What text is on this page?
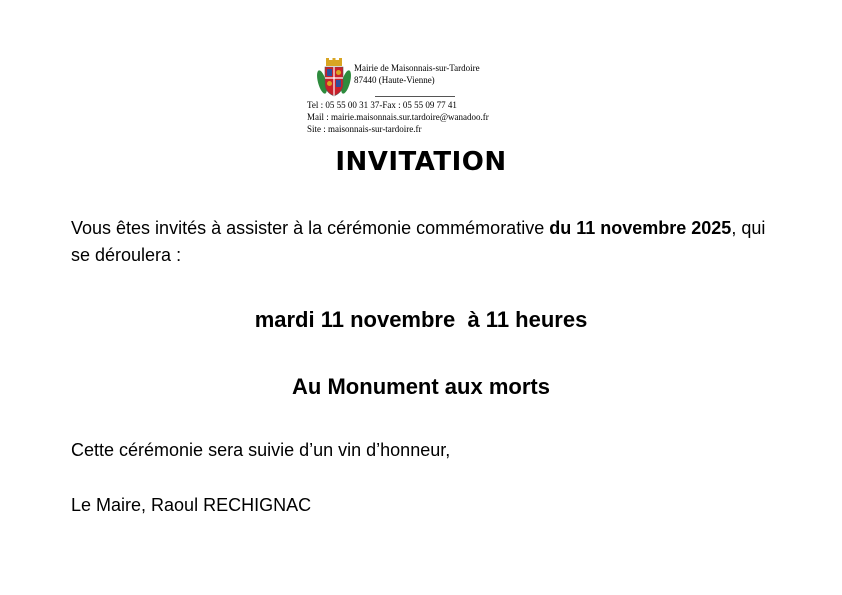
Mairie de Maisonnais-sur-Tardoire
87440 (Haute-Vienne)
Tel : 05 55 00 31 37-Fax : 05 55 09 77 41
Mail : mairie.maisonnais.sur.tardoire@wanadoo.fr
Site : maisonnais-sur-tardoire.fr
INVITATION
Vous êtes invités à assister à la cérémonie commémorative du 11 novembre 2025, qui se déroulera :
mardi 11 novembre  à 11 heures
Au Monument aux morts
Cette cérémonie sera suivie d’un vin d’honneur,
Le Maire, Raoul RECHIGNAC
